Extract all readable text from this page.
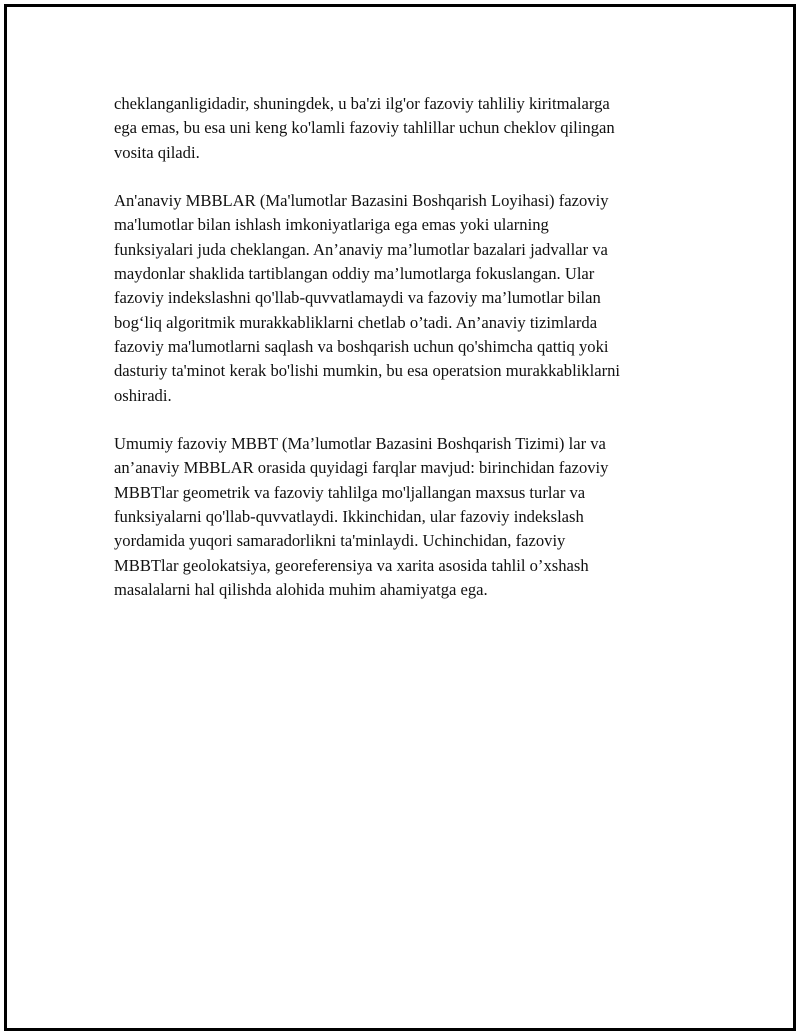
cheklanganligidadir, shuningdek, u ba'zi ilg'or fazoviy tahliliy kiritmalarga
ega emas, bu esa uni keng ko'lamli fazoviy tahlillar uchun cheklov qilingan
vosita qiladi.

An'anaviy MBBLAR (Ma'lumotlar Bazasini Boshqarish Loyihasi) fazoviy
ma'lumotlar bilan ishlash imkoniyatlariga ega emas yoki ularning
funksiyalari juda cheklangan. An’anaviy ma’lumotlar bazalari jadvallar va
maydonlar shaklida tartiblangan oddiy ma’lumotlarga fokuslangan. Ular
fazoviy indekslashni qo'llab-quvvatlamaydi va fazoviy ma’lumotlar bilan
bog‘liq algoritmik murakkabliklarni chetlab o’tadi. An’anaviy tizimlarda
fazoviy ma'lumotlarni saqlash va boshqarish uchun qo'shimcha qattiq yoki
dasturiy ta'minot kerak bo'lishi mumkin, bu esa operatsion murakkabliklarni
oshiradi.

Umumiy fazoviy MBBT (Ma’lumotlar Bazasini Boshqarish Tizimi) lar va
an’anaviy MBBLAR orasida quyidagi farqlar mavjud: birinchidan fazoviy
MBBTlar geometrik va fazoviy tahlilga mo'ljallangan maxsus turlar va
funksiyalarni qo'llab-quvvatlaydi. Ikkinchidan, ular fazoviy indekslash
yordamida yuqori samaradorlikni ta'minlaydi. Uchinchidan, fazoviy
MBBTlar geolokatsiya, georeferensiya va xarita asosida tahlil o’xshash
masalalarni hal qilishda alohida muhim ahamiyatga ega.
